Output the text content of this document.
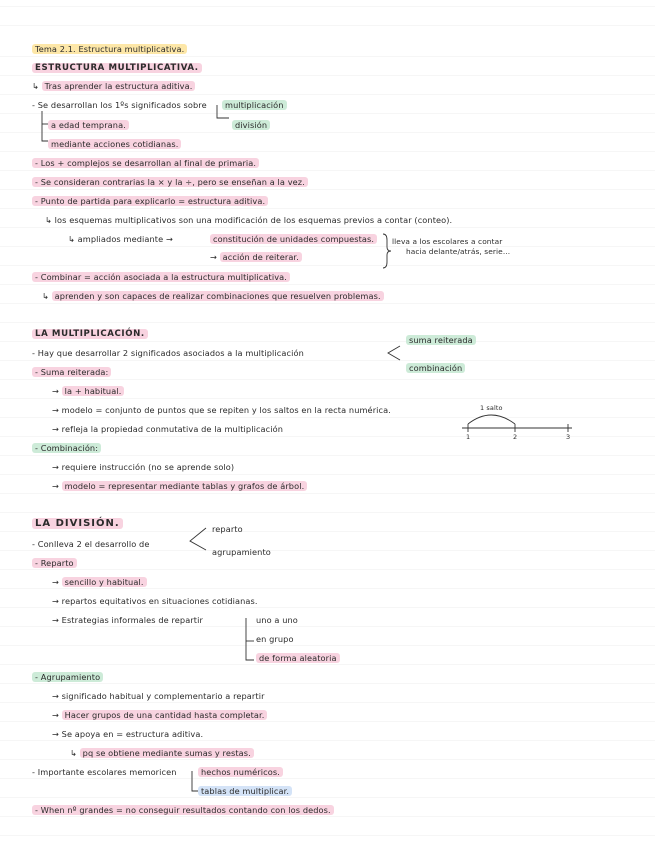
Tema 2.1. Estructura multiplicativa.
ESTRUCTURA MULTIPLICATIVA.
↳ Tras aprender la estructura aditiva.
- Se desarrollan los 1ºs significados sobre	multiplicación
división
a edad temprana.
mediante acciones cotidianas.
- Los + complejos se desarrollan al final de primaria.
- Se consideran contrarias la × y la ÷, pero se enseñan a la vez.
- Punto de partida para explicarlo = estructura aditiva.
↳ los esquemas multiplicativos son una modificación de los esquemas previos a contar (conteo).
↳ ampliados mediante →	constitución de unidades compuestas.
→ acción de reiterar.
lleva a los escolares a contar
hacia delante/atrás, serie...
- Combinar = acción asociada a la estructura multiplicativa.
↳ aprenden y son capaces de realizar combinaciones que resuelven problemas.
LA MULTIPLICACIÓN.
- Hay que desarrollar 2 significados asociados a la multiplicación
suma reiterada
combinación
- Suma reiterada:
→ la + habitual.
→ modelo = conjunto de puntos que se repiten y los saltos en la recta numérica.
→ refleja la propiedad conmutativa de la multiplicación
1 salto
1	2	3
- Combinación:
→ requiere instrucción (no se aprende solo)
→ modelo = representar mediante tablas y grafos de árbol.
LA DIVISIÓN.
- Conlleva 2 el desarrollo de
reparto
agrupamiento
- Reparto
→ sencillo y habitual.
→ repartos equitativos en situaciones cotidianas.
→ Estrategias informales de repartir	uno a uno
en grupo
de forma aleatoria
- Agrupamiento
→ significado habitual y complementario a repartir
→ Hacer grupos de una cantidad hasta completar.
→ Se apoya en = estructura aditiva.
↳ pq se obtiene mediante sumas y restas.
- Importante escolares memoricen	hechos numéricos.
tablas de multiplicar.
- When nº grandes = no conseguir resultados contando con los dedos.
